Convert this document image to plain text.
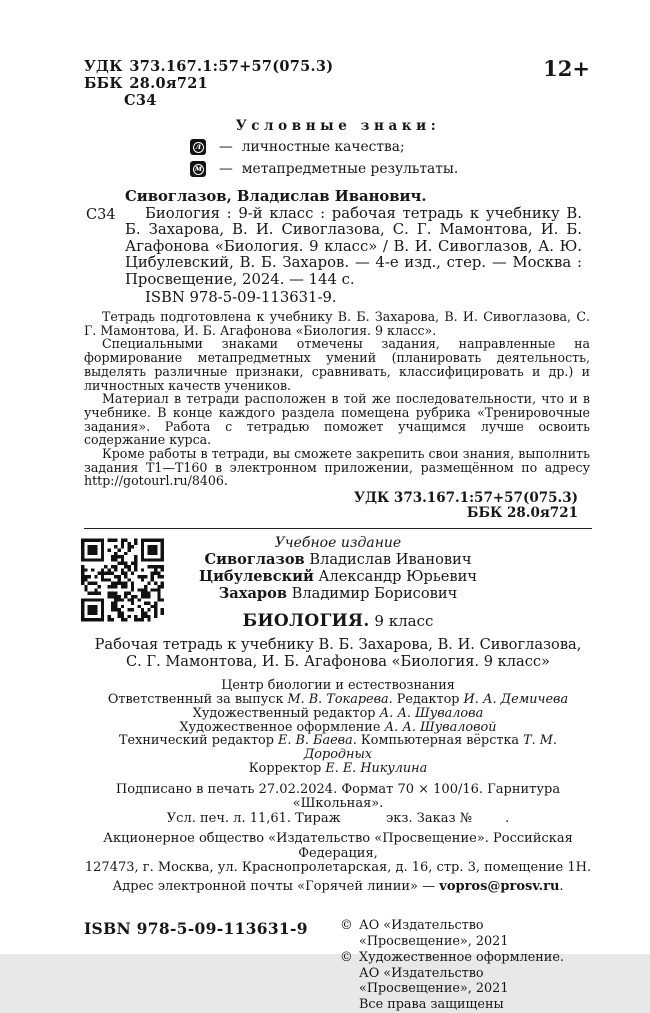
УДК 373.167.1:57+57(075.3)
ББК 28.0я721
С34
12+
Условные знаки:
л — личностные качества;
м — метапредметные результаты.
Сивоглазов, Владислав Иванович.
С34	Биология : 9-й класс : рабочая тетрадь к учебнику В. Б. Захарова, В. И. Сивоглазова, С. Г. Мамонтова, И. Б. Агафонова «Биология. 9 класс» / В. И. Сивоглазов, А. Ю. Цибулевский, В. Б. Захаров. — 4-е изд., стер. — Москва : Просвещение, 2024. — 144 с.
ISBN 978-5-09-113631-9.

Тетрадь подготовлена к учебнику В. Б. Захарова, В. И. Сивоглазова, С. Г. Мамонтова, И. Б. Агафонова «Биология. 9 класс».

Специальными знаками отмечены задания, направленные на формирование метапредметных умений (планировать деятельность, выделять различные признаки, сравнивать, классифицировать и др.) и личностных качеств учеников.

Материал в тетради расположен в той же последовательности, что и в учебнике. В конце каждого раздела помещена рубрика «Тренировочные задания». Работа с тетрадью поможет учащимся лучше освоить содержание курса.

Кроме работы в тетради, вы сможете закрепить свои знания, выполнить задания Т1—Т160 в электронном приложении, размещённом по адресу http://gotourl.ru/8406.

УДК 373.167.1:57+57(075.3)
ББК 28.0я721
Учебное издание
Сивоглазов Владислав Иванович
Цибулевский Александр Юрьевич
Захаров Владимир Борисович
БИОЛОГИЯ. 9 класс
Рабочая тетрадь к учебнику В. Б. Захарова, В. И. Сивоглазова,
С. Г. Мамонтова, И. Б. Агафонова «Биология. 9 класс»
Центр биологии и естествознания
Ответственный за выпуск М. В. Токарева. Редактор И. А. Демичева
Художественный редактор А. А. Шувалова
Художественное оформление А. А. Шуваловой
Технический редактор Е. В. Баева. Компьютерная вёрстка Т. М. Дородных
Корректор Е. Е. Никулина
Подписано в печать 27.02.2024. Формат 70 × 100/16. Гарнитура «Школьная».
Усл. печ. л. 11,61. Тираж           экз. Заказ №        .
Акционерное общество «Издательство «Просвещение». Российская Федерация,
127473, г. Москва, ул. Краснопролетарская, д. 16, стр. 3, помещение 1Н.
Адрес электронной почты «Горячей линии» — vopros@prosv.ru.
ISBN 978-5-09-113631-9	© АО «Издательство «Просвещение», 2021
© Художественное оформление.
АО «Издательство «Просвещение», 2021
Все права защищены
